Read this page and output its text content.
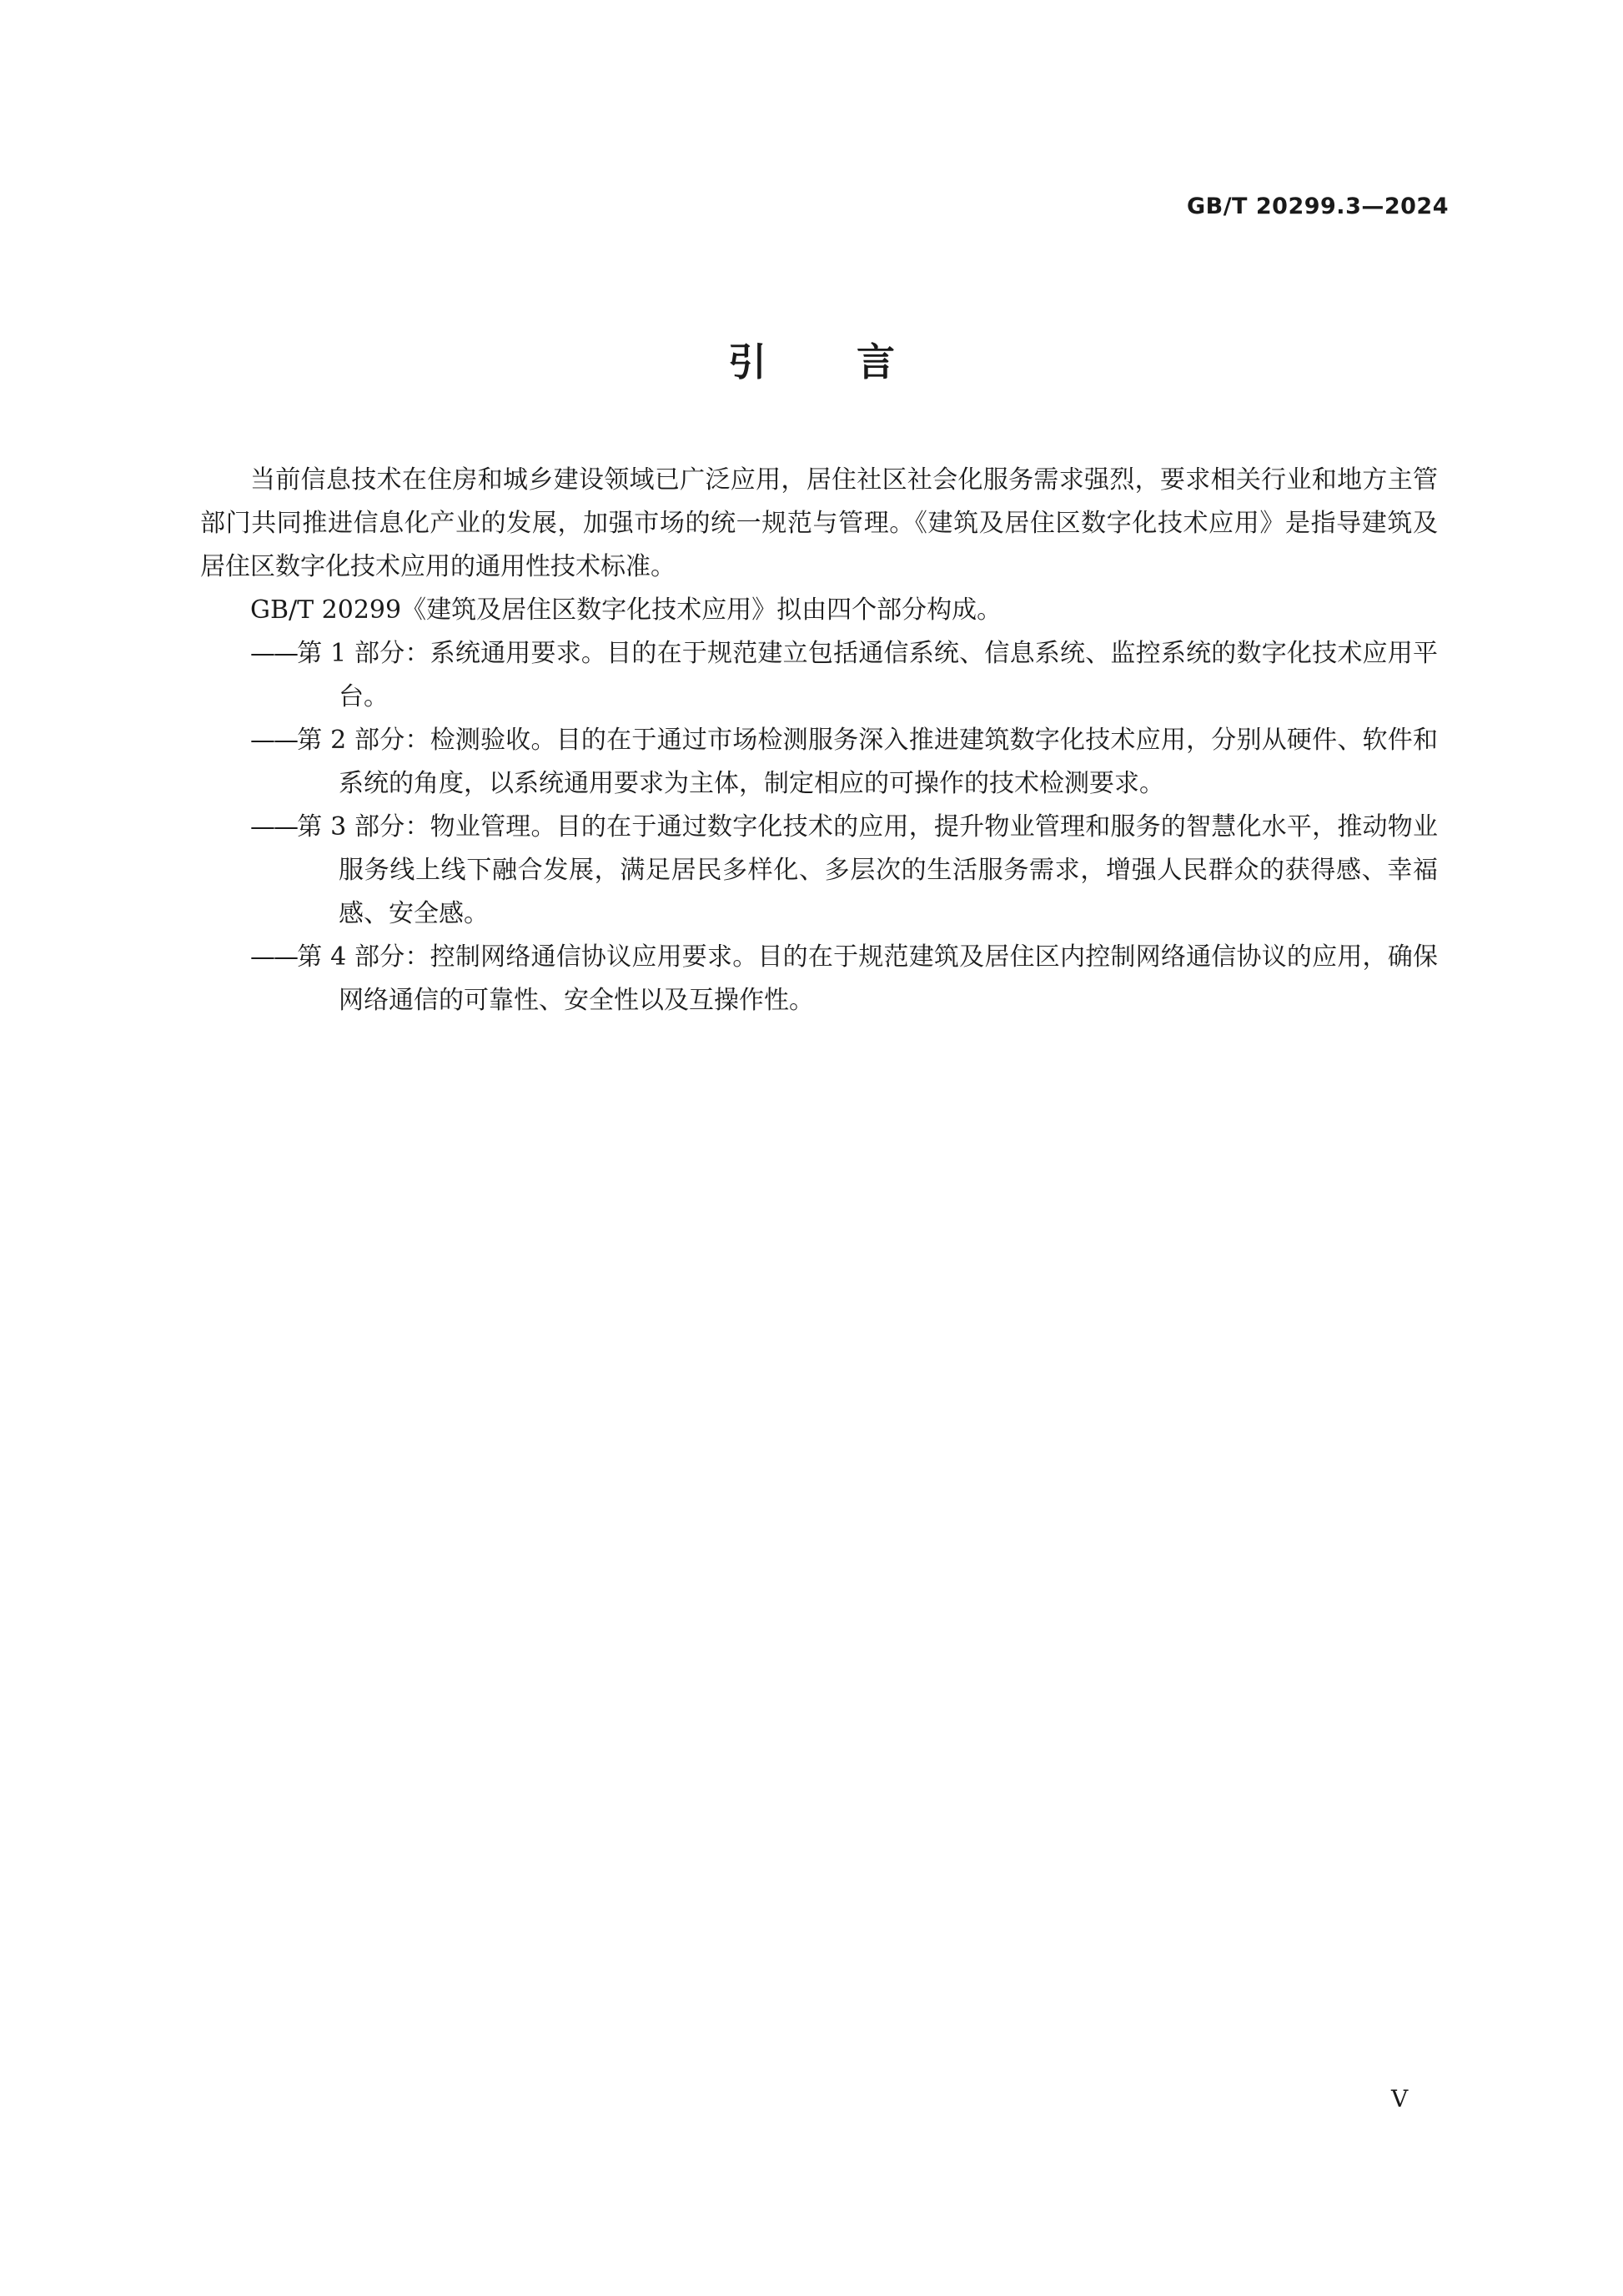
GB/T 20299.3—2024
引言

当前信息技术在住房和城乡建设领域已广泛应用，居住社区社会化服务需求强烈，要求相关行业和地方主管部门共同推进信息化产业的发展，加强市场的统一规范与管理。《建筑及居住区数字化技术应用》是指导建筑及居住区数字化技术应用的通用性技术标准。

GB/T 20299《建筑及居住区数字化技术应用》拟由四个部分构成。

——第 1 部分：系统通用要求。目的在于规范建立包括通信系统、信息系统、监控系统的数字化技术应用平台。

——第 2 部分：检测验收。目的在于通过市场检测服务深入推进建筑数字化技术应用，分别从硬件、软件和系统的角度，以系统通用要求为主体，制定相应的可操作的技术检测要求。

——第 3 部分：物业管理。目的在于通过数字化技术的应用，提升物业管理和服务的智慧化水平，推动物业服务线上线下融合发展，满足居民多样化、多层次的生活服务需求，增强人民群众的获得感、幸福感、安全感。

——第 4 部分：控制网络通信协议应用要求。目的在于规范建筑及居住区内控制网络通信协议的应用，确保网络通信的可靠性、安全性以及互操作性。

V
